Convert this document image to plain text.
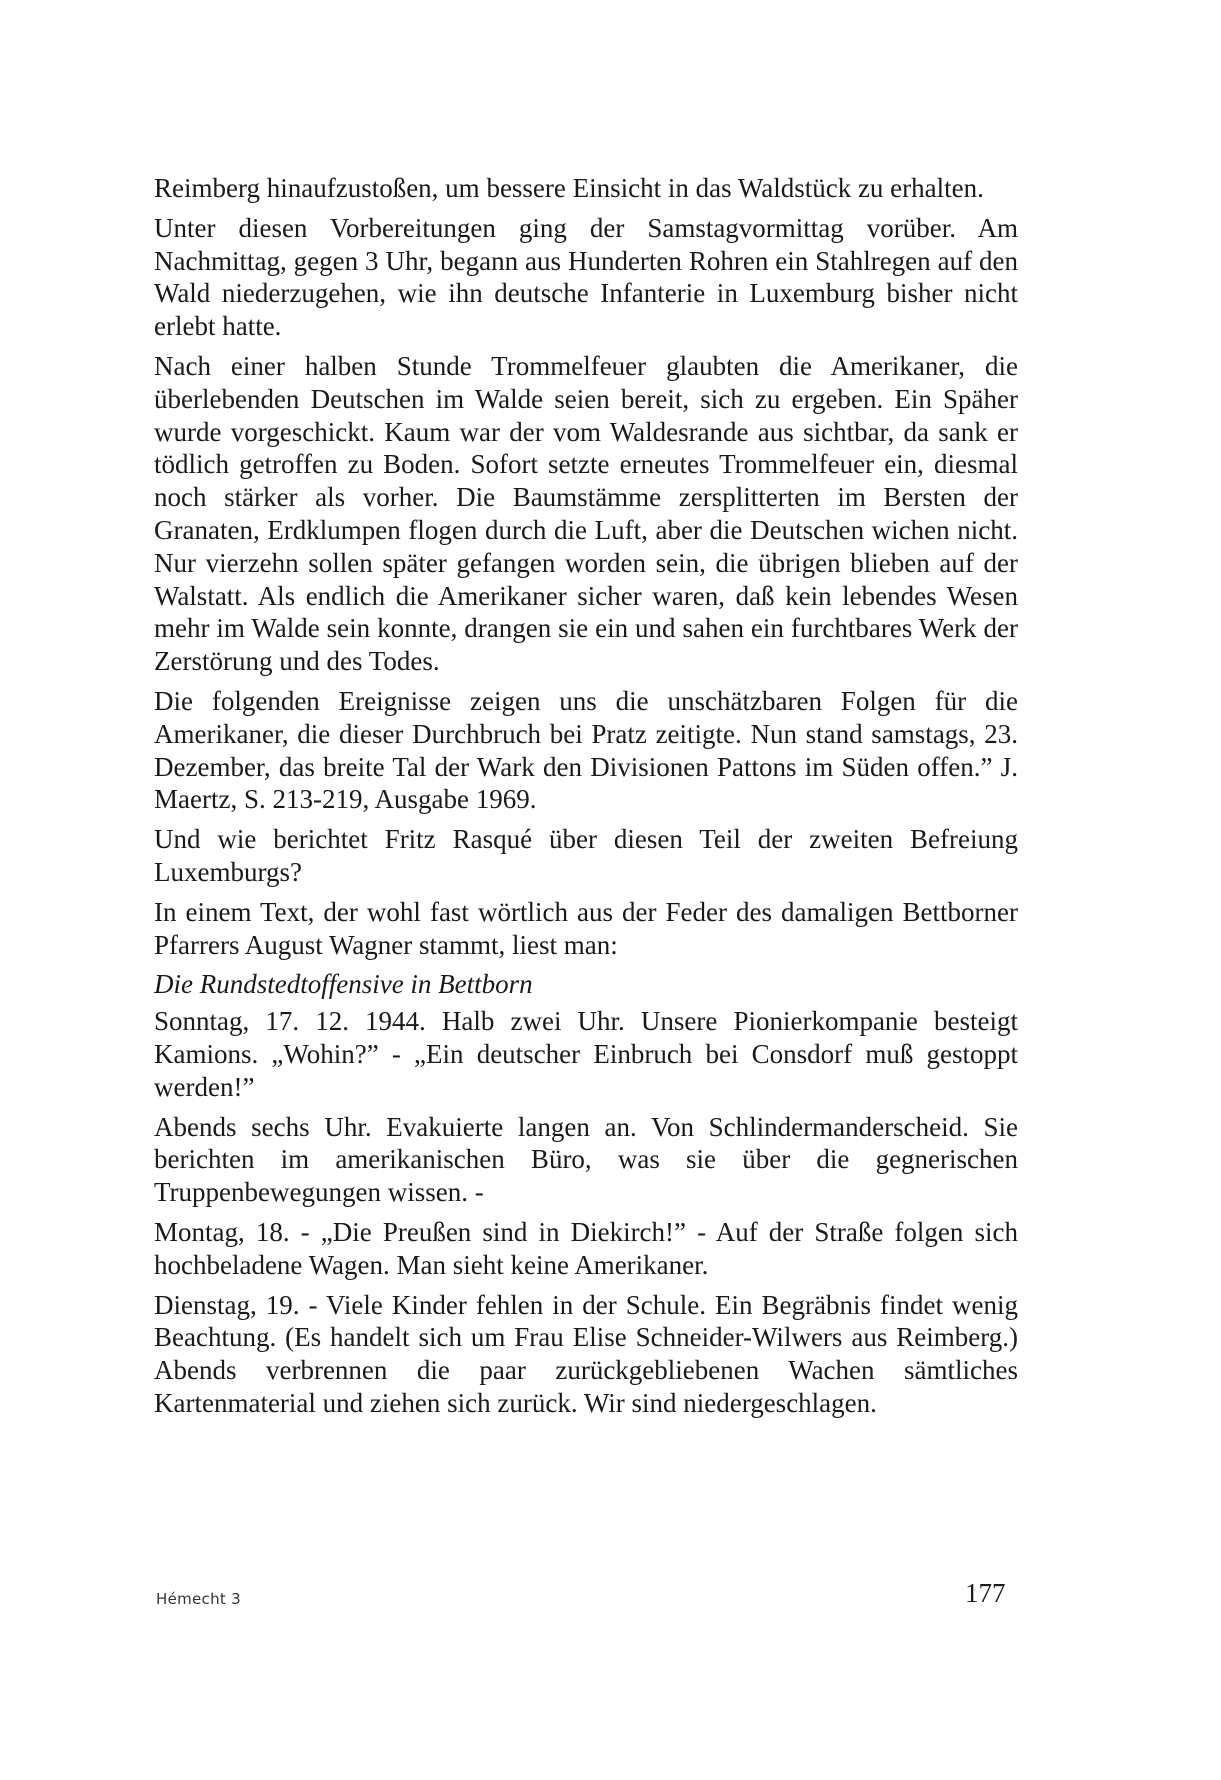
Reimberg hinaufzustoßen, um bessere Einsicht in das Waldstück zu erhalten.

Unter diesen Vorbereitungen ging der Samstagvormittag vorüber. Am Nachmittag, gegen 3 Uhr, begann aus Hunderten Rohren ein Stahlregen auf den Wald niederzugehen, wie ihn deutsche Infanterie in Luxemburg bisher nicht erlebt hatte.

Nach einer halben Stunde Trommelfeuer glaubten die Amerikaner, die überlebenden Deutschen im Walde seien bereit, sich zu ergeben. Ein Späher wurde vorgeschickt. Kaum war der vom Waldesrande aus sichtbar, da sank er tödlich getroffen zu Boden. Sofort setzte erneutes Trommelfeuer ein, diesmal noch stärker als vorher. Die Baumstämme zersplitterten im Bersten der Granaten, Erdklumpen flogen durch die Luft, aber die Deutschen wichen nicht. Nur vierzehn sollen später gefangen worden sein, die übrigen blieben auf der Walstatt. Als endlich die Amerikaner sicher waren, daß kein lebendes Wesen mehr im Walde sein konnte, drangen sie ein und sahen ein furchtbares Werk der Zerstörung und des Todes.

Die folgenden Ereignisse zeigen uns die unschätzbaren Folgen für die Amerikaner, die dieser Durchbruch bei Pratz zeitigte. Nun stand samstags, 23. Dezember, das breite Tal der Wark den Divisionen Pattons im Süden offen.” J. Maertz, S. 213-219, Ausgabe 1969.

Und wie berichtet Fritz Rasqué über diesen Teil der zweiten Befreiung Luxemburgs?

In einem Text, der wohl fast wörtlich aus der Feder des damaligen Bettborner Pfarrers August Wagner stammt, liest man:

Die Rundstedtoffensive in Bettborn

Sonntag, 17. 12. 1944. Halb zwei Uhr. Unsere Pionierkompanie besteigt Kamions. „Wohin?” - „Ein deutscher Einbruch bei Consdorf muß gestoppt werden!”

Abends sechs Uhr. Evakuierte langen an. Von Schlindermanderscheid. Sie berichten im amerikanischen Büro, was sie über die gegnerischen Truppenbewegungen wissen. -

Montag, 18. - „Die Preußen sind in Diekirch!” - Auf der Straße folgen sich hochbeladene Wagen. Man sieht keine Amerikaner.

Dienstag, 19. - Viele Kinder fehlen in der Schule. Ein Begräbnis findet wenig Beachtung. (Es handelt sich um Frau Elise Schneider-Wilwers aus Reimberg.) Abends verbrennen die paar zurückgebliebenen Wachen sämtliches Kartenmaterial und ziehen sich zurück. Wir sind niedergeschlagen.

Hémecht 3	177
